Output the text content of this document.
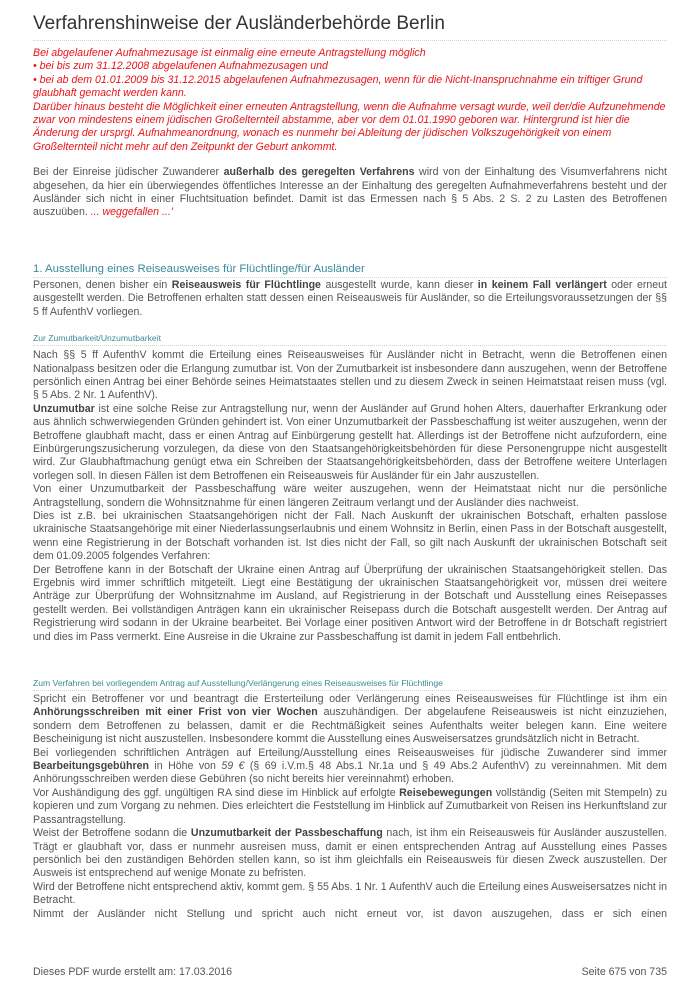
Verfahrenshinweise der Ausländerbehörde Berlin

Bei abgelaufener Aufnahmezusage ist einmalig eine erneute Antragstellung möglich

• bei bis zum 31.12.2008 abgelaufenen Aufnahmezusagen und

• bei ab dem 01.01.2009 bis 31.12.2015 abgelaufenen Aufnahmezusagen, wenn für die Nicht-Inanspruchnahme ein triftiger Grund glaubhaft gemacht werden kann.

Darüber hinaus besteht die Möglichkeit einer erneuten Antragstellung, wenn die Aufnahme versagt wurde, weil der/die Aufzunehmende zwar von mindestens einem jüdischen Großelternteil abstamme, aber vor dem 01.01.1990 geboren war. Hintergrund ist hier die Änderung der ursprgl. Aufnahmeanordnung, wonach es nunmehr bei Ableitung der jüdischen Volkszugehörigkeit von einem Großelternteil nicht mehr auf den Zeitpunkt der Geburt ankommt.

Bei der Einreise jüdischer Zuwanderer außerhalb des geregelten Verfahrens wird von der Einhaltung des Visumverfahrens nicht abgesehen, da hier ein überwiegendes öffentliches Interesse an der Einhaltung des geregelten Aufnahmeverfahrens besteht und der Ausländer sich nicht in einer Fluchtsituation befindet. Damit ist das Ermessen nach § 5 Abs. 2 S. 2 zu Lasten des Betroffenen auszuüben. ... weggefallen ...'

1. Ausstellung eines Reiseausweises für Flüchtlinge/für Ausländer

Personen, denen bisher ein Reiseausweis für Flüchtlinge ausgestellt wurde, kann dieser in keinem Fall verlängert oder erneut ausgestellt werden. Die Betroffenen erhalten statt dessen einen Reiseausweis für Ausländer, so die Erteilungsvoraussetzungen der §§ 5 ff AufenthV vorliegen.

Zur Zumutbarkeit/Unzumutbarkeit

Nach §§ 5 ff AufenthV kommt die Erteilung eines Reiseausweises für Ausländer nicht in Betracht, wenn die Betroffenen einen Nationalpass besitzen oder die Erlangung zumutbar ist. Von der Zumutbarkeit ist insbesondere dann auszugehen, wenn der Betroffene persönlich einen Antrag bei einer Behörde seines Heimatstaates stellen und zu diesem Zweck in seinen Heimatstaat reisen muss (vgl. § 5 Abs. 2 Nr. 1 AufenthV).

Unzumutbar ist eine solche Reise zur Antragstellung nur, wenn der Ausländer auf Grund hohen Alters, dauerhafter Erkrankung oder aus ähnlich schwerwiegenden Gründen gehindert ist. Von einer Unzumutbarkeit der Passbeschaffung ist weiter auszugehen, wenn der Betroffene glaubhaft macht, dass er einen Antrag auf Einbürgerung gestellt hat. Allerdings ist der Betroffene nicht aufzufordern, eine Einbürgerungszusicherung vorzulegen, da diese von den Staatsangehörigkeitsbehörden für diese Personengruppe nicht ausgestellt wird. Zur Glaubhaftmachung genügt etwa ein Schreiben der Staatsangehörigkeitsbehörden, dass der Betroffene weitere Unterlagen vorlegen soll. In diesen Fällen ist dem Betroffenen ein Reiseausweis für Ausländer für ein Jahr auszustellen.

Von einer Unzumutbarkeit der Passbeschaffung wäre weiter auszugehen, wenn der Heimatstaat nicht nur die persönliche Antragstellung, sondern die Wohnsitznahme für einen längeren Zeitraum verlangt und der Ausländer dies nachweist.

Dies ist z.B. bei ukrainischen Staatsangehörigen nicht der Fall. Nach Auskunft der ukrainischen Botschaft, erhalten passlose ukrainische Staatsangehörige mit einer Niederlassungserlaubnis und einem Wohnsitz in Berlin, einen Pass in der Botschaft ausgestellt, wenn eine Registrierung in der Botschaft vorhanden ist. Ist dies nicht der Fall, so gilt nach Auskunft der ukrainischen Botschaft seit dem 01.09.2005 folgendes Verfahren:

Der Betroffene kann in der Botschaft der Ukraine einen Antrag auf Überprüfung der ukrainischen Staatsangehörigkeit stellen. Das Ergebnis wird immer schriftlich mitgeteilt. Liegt eine Bestätigung der ukrainischen Staatsangehörigkeit vor, müssen drei weitere Anträge zur Überprüfung der Wohnsitznahme im Ausland, auf Registrierung in der Botschaft und Ausstellung eines Reisepasses gestellt werden. Bei vollständigen Anträgen kann ein ukrainischer Reisepass durch die Botschaft ausgestellt werden. Der Antrag auf Registrierung wird sodann in der Ukraine bearbeitet. Bei Vorlage einer positiven Antwort wird der Betroffene in dr Botschaft registriert und dies im Pass vermerkt. Eine Ausreise in die Ukraine zur Passbeschaffung ist damit in jedem Fall entbehrlich.

Zum Verfahren bei vorliegendem Antrag auf Ausstellung/Verlängerung eines Reiseausweises für Flüchtlinge

Spricht ein Betroffener vor und beantragt die Ersterteilung oder Verlängerung eines Reiseausweises für Flüchtlinge ist ihm ein Anhörungsschreiben mit einer Frist von vier Wochen auszuhändigen. Der abgelaufene Reiseausweis ist nicht einzuziehen, sondern dem Betroffenen zu belassen, damit er die Rechtmäßigkeit seines Aufenthalts weiter belegen kann. Eine weitere Bescheinigung ist nicht auszustellen. Insbesondere kommt die Ausstellung eines Ausweisersatzes grundsätzlich nicht in Betracht.

Bei vorliegenden schriftlichen Anträgen auf Erteilung/Ausstellung eines Reiseausweises für jüdische Zuwanderer sind immer Bearbeitungsgebühren in Höhe von 59 € (§ 69 i.V.m.§ 48 Abs.1 Nr.1a und § 49 Abs.2 AufenthV) zu vereinnahmen. Mit dem Anhörungsschreiben werden diese Gebühren (so nicht bereits hier vereinnahmt) erhoben.

Vor Aushändigung des ggf. ungültigen RA sind diese im Hinblick auf erfolgte Reisebewegungen vollständig (Seiten mit Stempeln) zu kopieren und zum Vorgang zu nehmen. Dies erleichtert die Feststellung im Hinblick auf Zumutbarkeit von Reisen ins Herkunftsland zur Passantragstellung.

Weist der Betroffene sodann die Unzumutbarkeit der Passbeschaffung nach, ist ihm ein Reiseausweis für Ausländer auszustellen. Trägt er glaubhaft vor, dass er nunmehr ausreisen muss, damit er einen entsprechenden Antrag auf Ausstellung eines Passes persönlich bei den zuständigen Behörden stellen kann, so ist ihm gleichfalls ein Reiseausweis für diesen Zweck auszustellen. Der Ausweis ist entsprechend auf wenige Monate zu befristen.

Wird der Betroffene nicht entsprechend aktiv, kommt gem. § 55 Abs. 1 Nr. 1 AufenthV auch die Erteilung eines Ausweisersatzes nicht in Betracht.

Nimmt der Ausländer nicht Stellung und spricht auch nicht erneut vor, ist davon auszugehen, dass er sich einen

Dieses PDF wurde erstellt am: 17.03.2016	Seite 675 von 735
